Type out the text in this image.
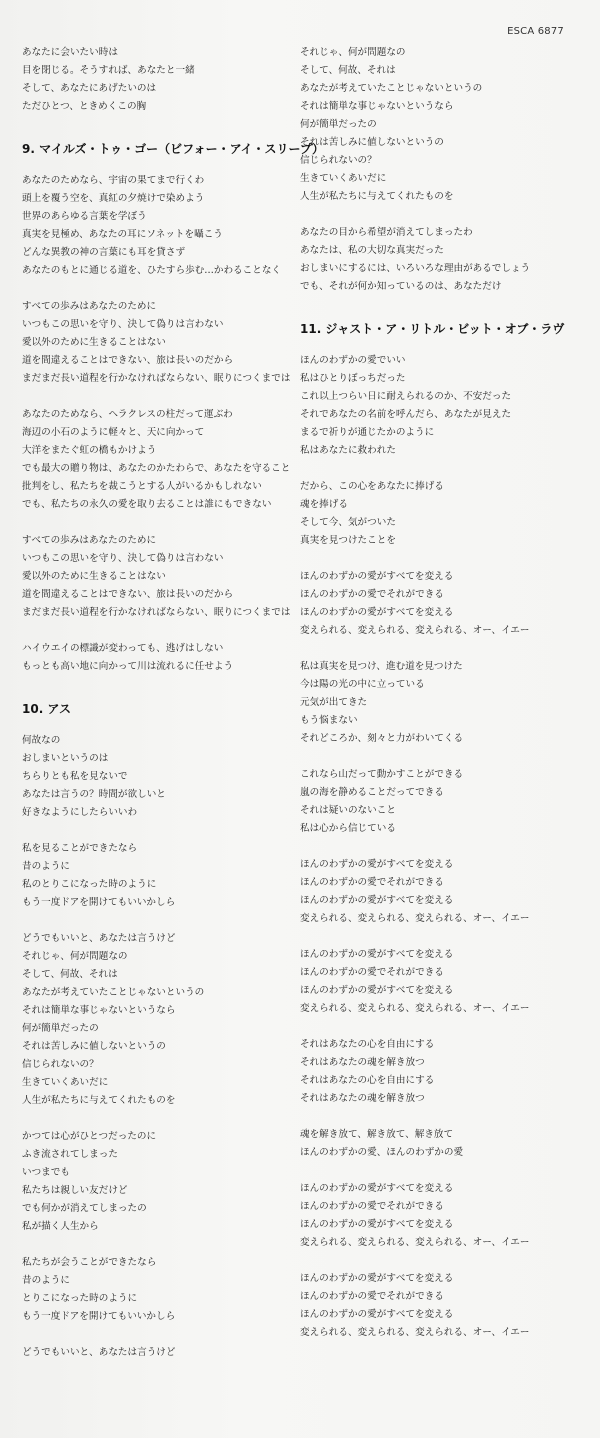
ESCA 6877
あなたに会いたい時は
目を閉じる。そうすれば、あなたと一緒
そして、あなたにあげたいのは
ただひとつ、ときめくこの胸
9. マイルズ・トゥ・ゴー（ビフォー・アイ・スリープ）
あなたのためなら、宇宙の果てまで行くわ
頭上を覆う空を、真紅の夕焼けで染めよう
世界のあらゆる言葉を学ぼう
真実を見極め、あなたの耳にソネットを囁こう
どんな異教の神の言葉にも耳を貸さず
あなたのもとに通じる道を、ひたすら歩む…かわることなく
すべての歩みはあなたのために
いつもこの思いを守り、決して偽りは言わない
愛以外のために生きることはない
道を間違えることはできない、旅は長いのだから
まだまだ長い道程を行かなければならない、眠りにつくまでは
あなたのためなら、ヘラクレスの柱だって運ぶわ
海辺の小石のように軽々と、天に向かって
大洋をまたぐ虹の橋もかけよう
でも最大の贈り物は、あなたのかたわらで、あなたを守ること
批判をし、私たちを裁こうとする人がいるかもしれない
でも、私たちの永久の愛を取り去ることは誰にもできない
すべての歩みはあなたのために
いつもこの思いを守り、決して偽りは言わない
愛以外のために生きることはない
道を間違えることはできない、旅は長いのだから
まだまだ長い道程を行かなければならない、眠りにつくまでは
ハイウエイの標識が変わっても、逃げはしない
もっとも高い地に向かって川は流れるに任せよう
10. アス
何故なの
おしまいというのは
ちらりとも私を見ないで
あなたは言うの？時間が欲しいと
好きなようにしたらいいわ
私を見ることができたなら
昔のように
私のとりこになった時のように
もう一度ドアを開けてもいいかしら
どうでもいいと、あなたは言うけど
それじゃ、何が問題なの
そして、何故、それは
あなたが考えていたことじゃないというの
それは簡単な事じゃないというなら
何が簡単だったの
それは苦しみに値しないというの
信じられないの？
生きていくあいだに
人生が私たちに与えてくれたものを
かつては心がひとつだったのに
ふき流されてしまった
いつまでも
私たちは親しい友だけど
でも何かが消えてしまったの
私が描く人生から
私たちが会うことができたなら
昔のように
とりこになった時のように
もう一度ドアを開けてもいいかしら
どうでもいいと、あなたは言うけど
それじゃ、何が問題なの
そして、何故、それは
あなたが考えていたことじゃないというの
それは簡単な事じゃないというなら
何が簡単だったの
それは苦しみに値しないというの
信じられないの？
生きていくあいだに
人生が私たちに与えてくれたものを
あなたの目から希望が消えてしまったわ
あなたは、私の大切な真実だった
おしまいにするには、いろいろな理由があるでしょう
でも、それが何か知っているのは、あなただけ
11. ジャスト・ア・リトル・ビット・オブ・ラヴ
ほんのわずかの愛でいい
私はひとりぼっちだった
これ以上つらい日に耐えられるのか、不安だった
それであなたの名前を呼んだら、あなたが見えた
まるで祈りが通じたかのように
私はあなたに救われた
だから、この心をあなたに捧げる
魂を捧げる
そして今、気がついた
真実を見つけたことを
ほんのわずかの愛がすべてを変える
ほんのわずかの愛でそれができる
ほんのわずかの愛がすべてを変える
変えられる、変えられる、変えられる、オー、イエー
私は真実を見つけ、進む道を見つけた
今は陽の光の中に立っている
元気が出てきた
もう悩まない
それどころか、刻々と力がわいてくる
これなら山だって動かすことができる
嵐の海を静めることだってできる
それは疑いのないこと
私は心から信じている
ほんのわずかの愛がすべてを変える
ほんのわずかの愛でそれができる
ほんのわずかの愛がすべてを変える
変えられる、変えられる、変えられる、オー、イエー
ほんのわずかの愛がすべてを変える
ほんのわずかの愛でそれができる
ほんのわずかの愛がすべてを変える
変えられる、変えられる、変えられる、オー、イエー
それはあなたの心を自由にする
それはあなたの魂を解き放つ
それはあなたの心を自由にする
それはあなたの魂を解き放つ
魂を解き放て、解き放て、解き放て
ほんのわずかの愛、ほんのわずかの愛
ほんのわずかの愛がすべてを変える
ほんのわずかの愛でそれができる
ほんのわずかの愛がすべてを変える
変えられる、変えられる、変えられる、オー、イエー
ほんのわずかの愛がすべてを変える
ほんのわずかの愛でそれができる
ほんのわずかの愛がすべてを変える
変えられる、変えられる、変えられる、オー、イエー
